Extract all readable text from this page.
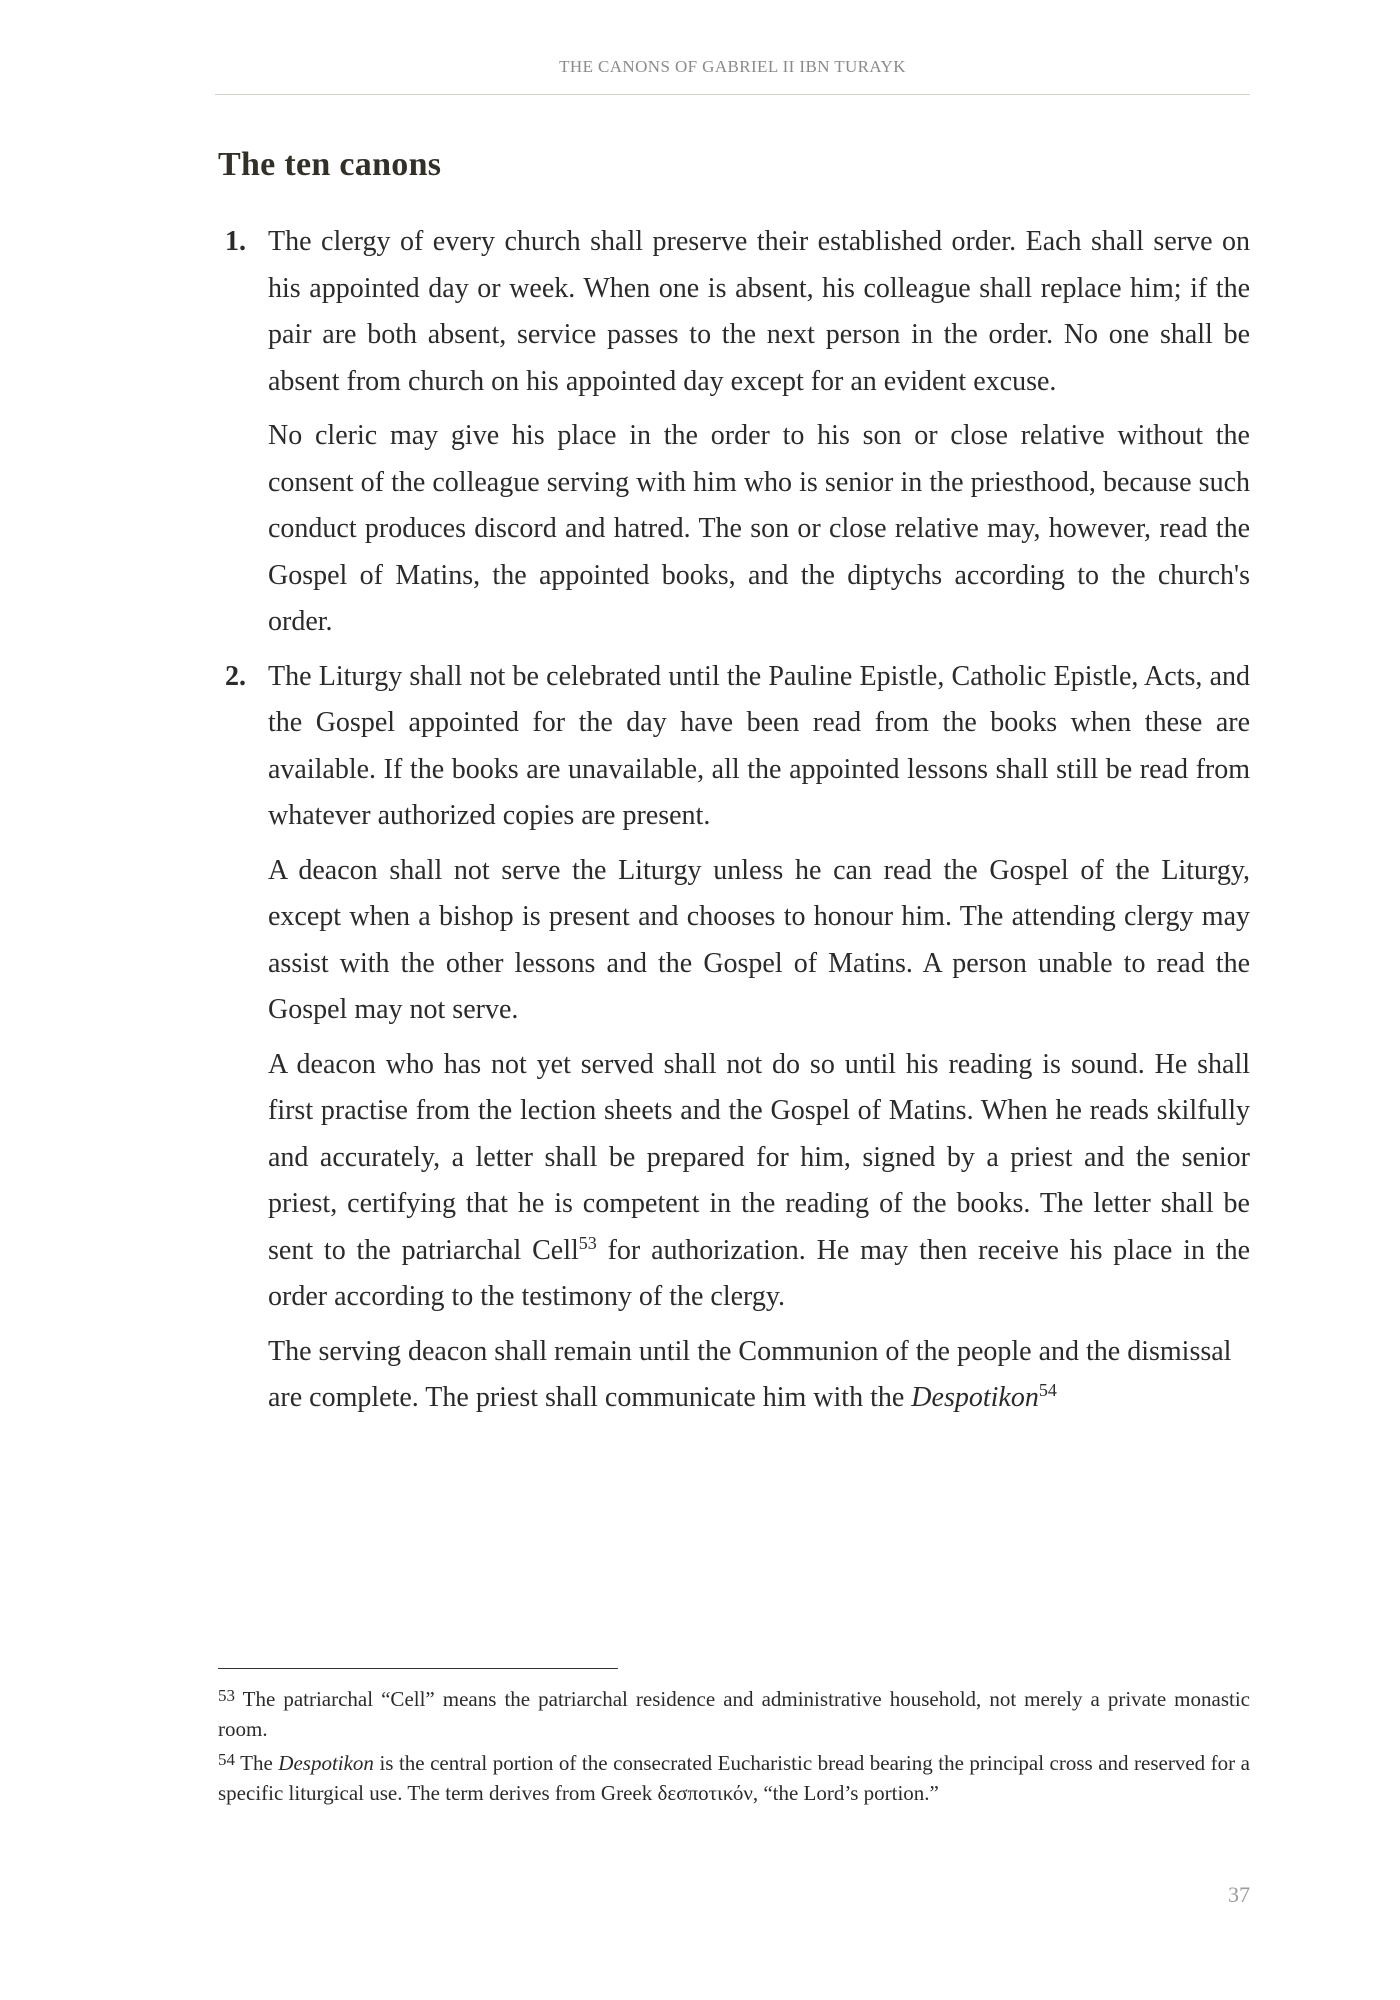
THE CANONS OF GABRIEL II IBN TURAYK
The ten canons
1. The clergy of every church shall preserve their established order. Each shall serve on his appointed day or week. When one is absent, his colleague shall replace him; if the pair are both absent, service passes to the next person in the order. No one shall be absent from church on his appointed day except for an evident excuse.

No cleric may give his place in the order to his son or close relative without the consent of the colleague serving with him who is senior in the priesthood, because such conduct produces discord and hatred. The son or close relative may, however, read the Gospel of Matins, the appointed books, and the diptychs according to the church's order.

2. The Liturgy shall not be celebrated until the Pauline Epistle, Catholic Epistle, Acts, and the Gospel appointed for the day have been read from the books when these are available. If the books are unavailable, all the appointed lessons shall still be read from whatever authorized copies are present.

A deacon shall not serve the Liturgy unless he can read the Gospel of the Liturgy, except when a bishop is present and chooses to honour him. The attending clergy may assist with the other lessons and the Gospel of Matins. A person unable to read the Gospel may not serve.

A deacon who has not yet served shall not do so until his reading is sound. He shall first practise from the lection sheets and the Gospel of Matins. When he reads skilfully and accurately, a letter shall be prepared for him, signed by a priest and the senior priest, certifying that he is competent in the reading of the books. The letter shall be sent to the patriarchal Cell$^{53}$ for authorization. He may then receive his place in the order according to the testimony of the clergy.

The serving deacon shall remain until the Communion of the people and the dismissal are complete. The priest shall communicate him with the Despotikon$^{54}$

$^{53}$ The patriarchal “Cell” means the patriarchal residence and administrative household, not merely a private monastic room.

$^{54}$ The Despotikon is the central portion of the consecrated Eucharistic bread bearing the principal cross and reserved for a specific liturgical use. The term derives from Greek δεσποτικόν, “the Lord’s portion.”

37
